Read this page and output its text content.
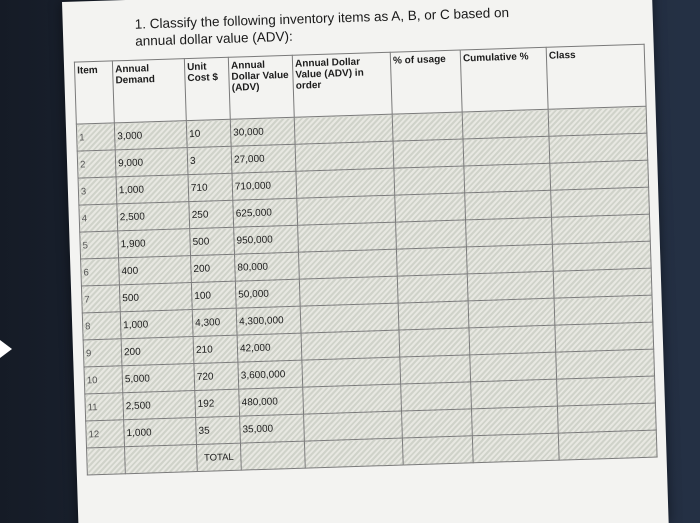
1. Classify the following inventory items as A, B, or C based on
annual dollar value (ADV):
Item	Annual Demand	Unit Cost $	Annual Dollar Value (ADV)	Annual Dollar Value (ADV) in order	% of usage	Cumulative %	Class
1	3,000	10	30,000				
2	9,000	3	27,000				
3	1,000	710	710,000				
4	2,500	250	625,000				
5	1,900	500	950,000				
6	400	200	80,000				
7	500	100	50,000				
8	1,000	4,300	4,300,000				
9	200	210	42,000				
10	5,000	720	3,600,000				
11	2,500	192	480,000				
12	1,000	35	35,000				
		TOTAL					
